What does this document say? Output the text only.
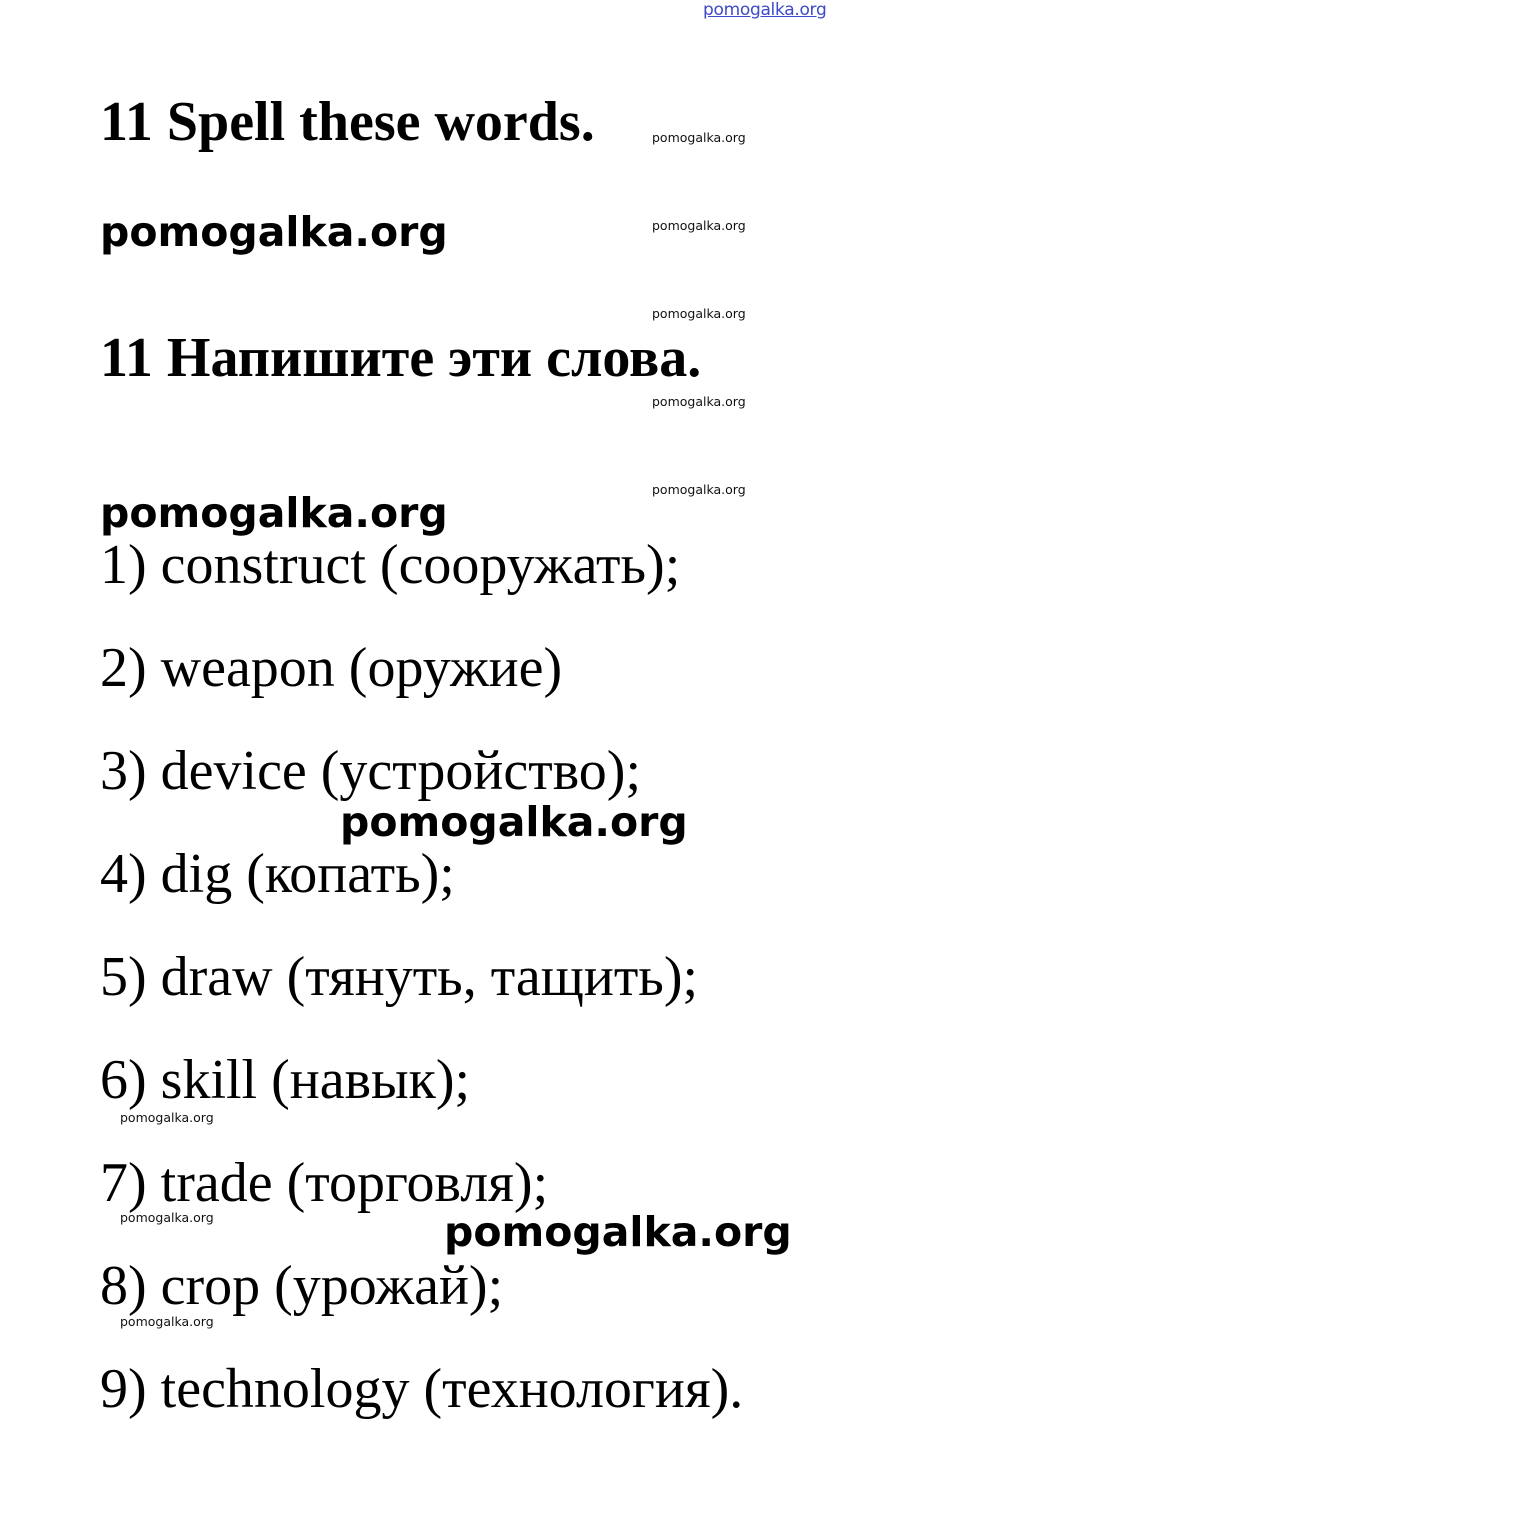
pomogalka.org
11 Spell these words.
11 Напишите эти слова.
pomogalka.org
pomogalka.org
pomogalka.org
pomogalka.org
pomogalka.org
pomogalka.org
pomogalka.org
pomogalka.org
pomogalka.org
pomogalka.org
pomogalka.org
pomogalka.org
1) construct (сооружать);
2) weapon (оружие)
3) device (устройство);
4) dig (копать);
5) draw (тянуть, тащить);
6) skill (навык);
7) trade (торговля);
8) crop (урожай);
9) technology (технология).
